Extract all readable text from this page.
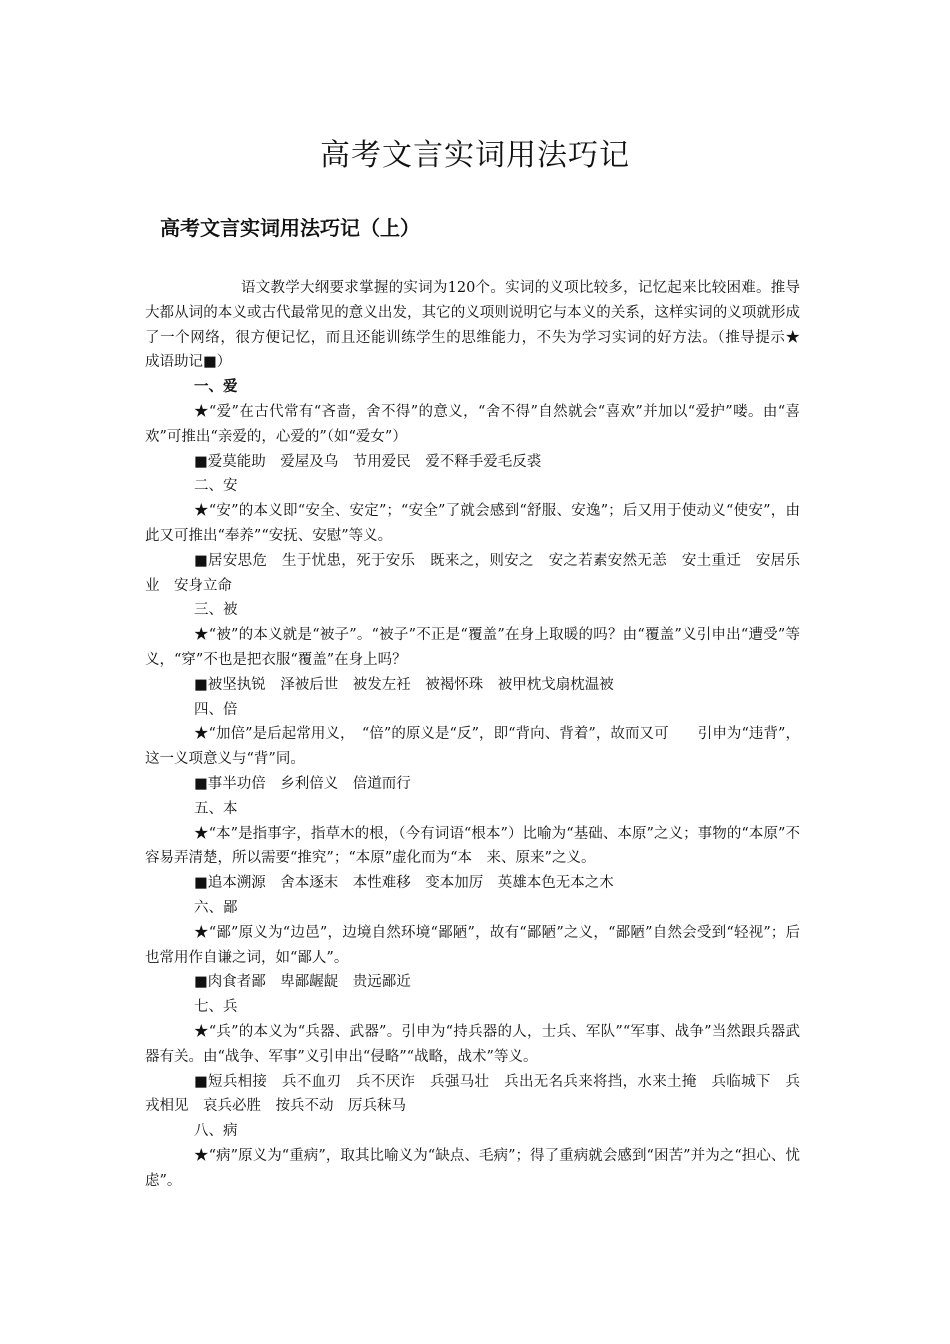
高考文言实词用法巧记
高考文言实词用法巧记（上）

语文教学大纲要求掌握的实词为120个。实词的义项比较多，记忆起来比较困难。推导大都从词的本义或古代最常见的意义出发，其它的义项则说明它与本义的关系，这样实词的义项就形成了一个网络，很方便记忆，而且还能训练学生的思维能力，不失为学习实词的好方法。（推导提示★　成语助记■）

一、爱

★“爱”在古代常有“吝啬，舍不得”的意义，“舍不得”自然就会“喜欢”并加以“爱护”喽。由“喜欢”可推出“亲爱的，心爱的”（如“爱女”）

■爱莫能助　爱屋及乌　节用爱民　爱不释手爱毛反裘

二、安

★“安”的本义即“安全、安定”；“安全”了就会感到“舒服、安逸”；后又用于使动义“使安”，由此又可推出“奉养”“安抚、安慰”等义。

■居安思危　生于忧患，死于安乐　既来之，则安之　安之若素安然无恙　安土重迁　安居乐业　安身立命

三、被

★“被”的本义就是“被子”。“被子”不正是“覆盖”在身上取暖的吗？由“覆盖”义引申出“遭受”等义，“穿”不也是把衣服“覆盖”在身上吗？

■被坚执锐　泽被后世　被发左衽　被褐怀珠　被甲枕戈扇枕温被

四、倍

★“加倍”是后起常用义，　“倍”的原义是“反”，即“背向、背着”，故而又可　　引申为“违背”，这一义项意义与“背”同。

■事半功倍　乡利倍义　倍道而行

五、本

★“本”是指事字，指草木的根，（今有词语“根本”）比喻为“基础、本原”之义；事物的“本原”不容易弄清楚，所以需要“推究”；“本原”虚化而为“本　来、原来”之义。

■追本溯源　舍本逐末　本性难移　变本加厉　英雄本色无本之木

六、鄙

★“鄙”原义为“边邑”，边境自然环境“鄙陋”，故有“鄙陋”之义，“鄙陋”自然会受到“轻视”；后也常用作自谦之词，如“鄙人”。

■肉食者鄙　卑鄙龌龊　贵远鄙近

七、兵

★“兵”的本义为“兵器、武器”。引申为“持兵器的人，士兵、军队”“军事、战争”当然跟兵器武器有关。由“战争、军事”义引申出“侵略”“战略，战术”等义。

■短兵相接　兵不血刃　兵不厌诈　兵强马壮　兵出无名兵来将挡，水来土掩　兵临城下　兵戎相见　哀兵必胜　按兵不动　厉兵秣马

八、病

★“病”原义为“重病”，取其比喻义为“缺点、毛病”；得了重病就会感到“困苦”并为之“担心、忧虑”。
